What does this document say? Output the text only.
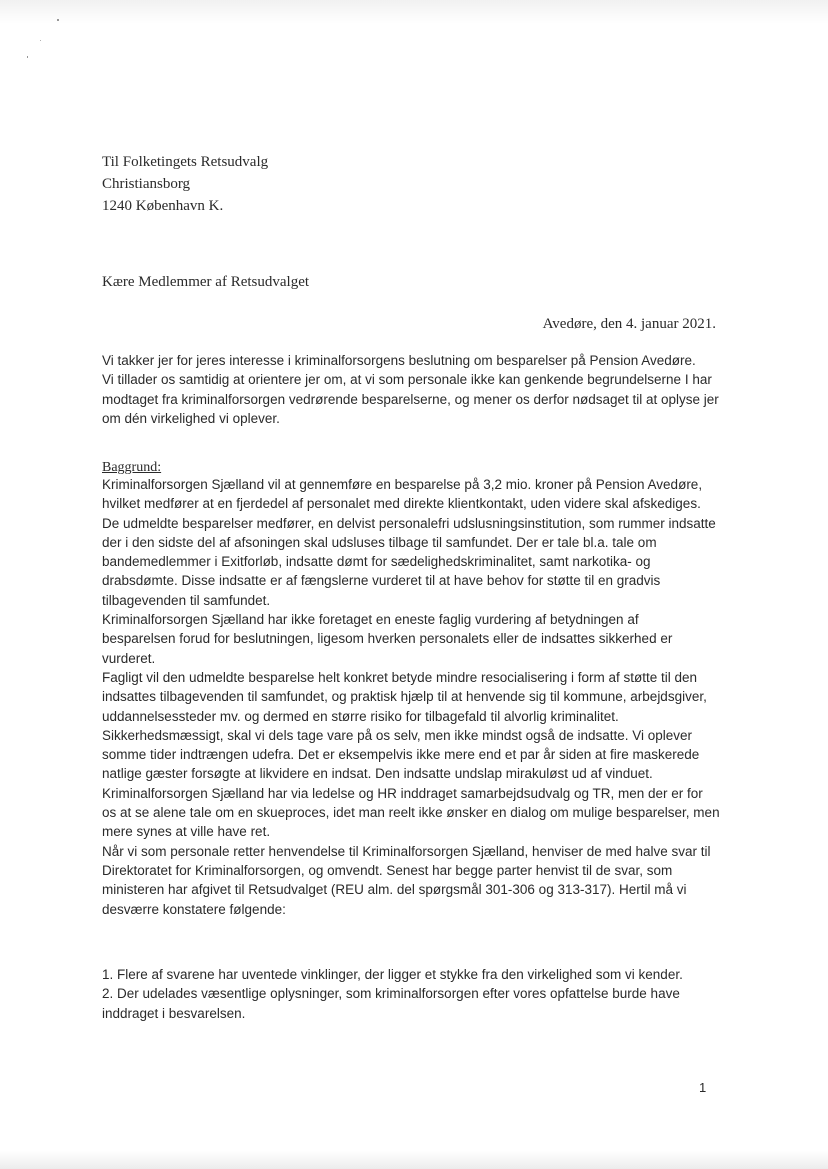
Til Folketingets Retsudvalg
Christiansborg
1240 København K.
Kære Medlemmer af Retsudvalget
Avedøre, den 4. januar 2021.
Vi takker jer for jeres interesse i kriminalforsorgens beslutning om besparelser på Pension Avedøre.
Vi tillader os samtidig at orientere jer om, at vi som personale ikke kan genkende begrundelserne I har
modtaget fra kriminalforsorgen vedrørende besparelserne, og mener os derfor nødsaget til at oplyse jer
om dén virkelighed vi oplever.
Baggrund:
Kriminalforsorgen Sjælland vil at gennemføre en besparelse på 3,2 mio. kroner på Pension Avedøre,
hvilket medfører at en fjerdedel af personalet med direkte klientkontakt, uden videre skal afskediges.
De udmeldte besparelser medfører, en delvist personalefri udslusningsinstitution, som rummer indsatte
der i den sidste del af afsoningen skal udsluses tilbage til samfundet. Der er tale bl.a. tale om
bandemedlemmer i Exitforløb, indsatte dømt for sædelighedskriminalitet, samt narkotika- og
drabsdømte. Disse indsatte er af fængslerne vurderet til at have behov for støtte til en gradvis
tilbagevenden til samfundet.
Kriminalforsorgen Sjælland har ikke foretaget en eneste faglig vurdering af betydningen af
besparelsen forud for beslutningen, ligesom hverken personalets eller de indsattes sikkerhed er
vurderet.
Fagligt vil den udmeldte besparelse helt konkret betyde mindre resocialisering i form af støtte til den
indsattes tilbagevenden til samfundet, og praktisk hjælp til at henvende sig til kommune, arbejdsgiver,
uddannelsessteder mv. og dermed en større risiko for tilbagefald til alvorlig kriminalitet.
Sikkerhedsmæssigt, skal vi dels tage vare på os selv, men ikke mindst også de indsatte. Vi oplever
somme tider indtrængen udefra. Det er eksempelvis ikke mere end et par år siden at fire maskerede
natlige gæster forsøgte at likvidere en indsat. Den indsatte undslap mirakuløst ud af vinduet.
Kriminalforsorgen Sjælland har via ledelse og HR inddraget samarbejdsudvalg og TR, men der er for
os at se alene tale om en skueproces, idet man reelt ikke ønsker en dialog om mulige besparelser, men
mere synes at ville have ret.
Når vi som personale retter henvendelse til Kriminalforsorgen Sjælland, henviser de med halve svar til
Direktoratet for Kriminalforsorgen, og omvendt. Senest har begge parter henvist til de svar, som
ministeren har afgivet til Retsudvalget (REU alm. del spørgsmål 301-306 og 313-317). Hertil må vi
desværre konstatere følgende:
1. Flere af svarene har uventede vinklinger, der ligger et stykke fra den virkelighed som vi kender.
2. Der udelades væsentlige oplysninger, som kriminalforsorgen efter vores opfattelse burde have
inddraget i besvarelsen.
1
